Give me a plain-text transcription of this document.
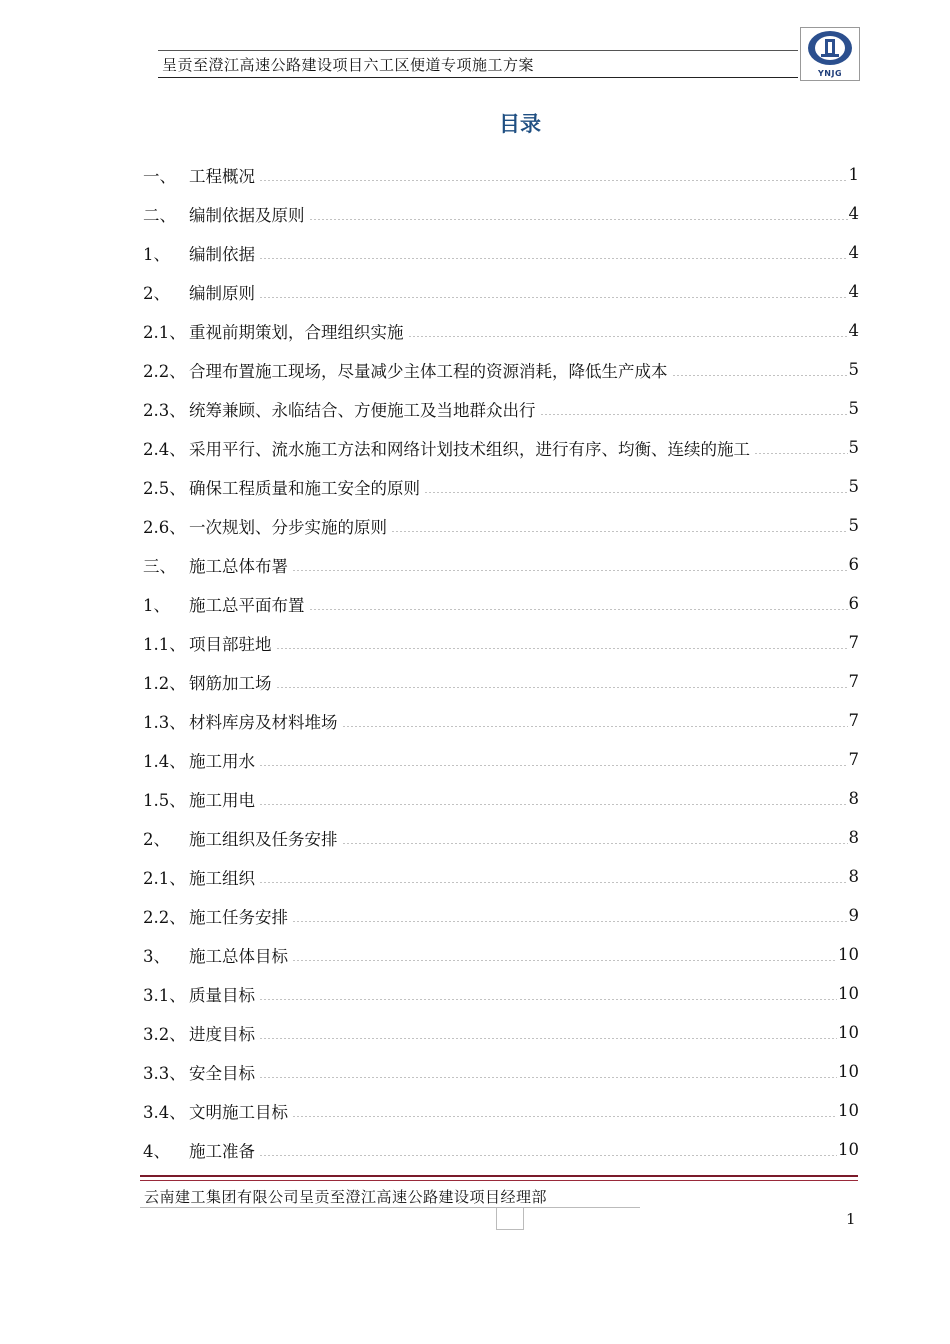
呈贡至澄江高速公路建设项目六工区便道专项施工方案	YNJG
目录
一、 工程概况	1
二、 编制依据及原则	4
1、	编制依据	4
2、	编制原则	4
2.1、 重视前期策划，合理组织实施	4
2.2、 合理布置施工现场，尽量减少主体工程的资源消耗，降低生产成本	5
2.3、 统筹兼顾、永临结合、方便施工及当地群众出行	5
2.4、 采用平行、流水施工方法和网络计划技术组织，进行有序、均衡、连续的施工	5
2.5、 确保工程质量和施工安全的原则	5
2.6、 一次规划、分步实施的原则	5
三、 施工总体布署	6
1、	施工总平面布置	6
1.1、 项目部驻地	7
1.2、 钢筋加工场	7
1.3、 材料库房及材料堆场	7
1.4、 施工用水	7
1.5、 施工用电	8
2、	施工组织及任务安排	8
2.1、 施工组织	8
2.2、 施工任务安排	9
3、	施工总体目标	10
3.1、 质量目标	10
3.2、 进度目标	10
3.3、 安全目标	10
3.4、 文明施工目标	10
4、	施工准备	10
云南建工集团有限公司呈贡至澄江高速公路建设项目经理部
1
